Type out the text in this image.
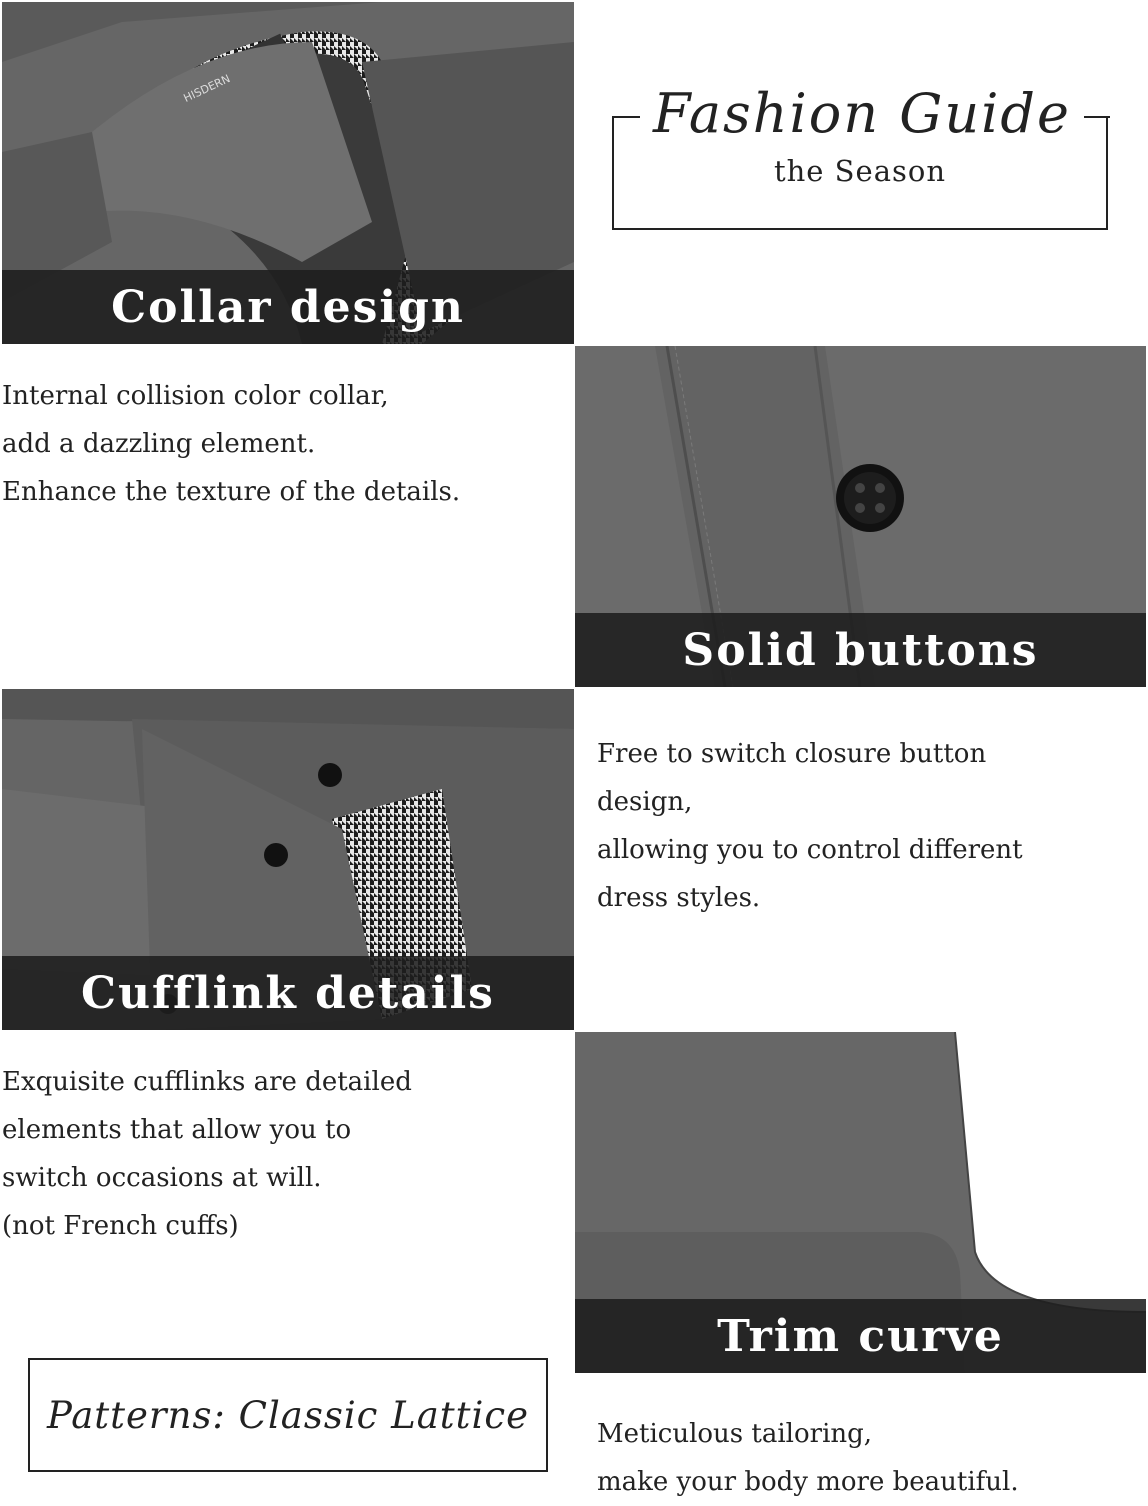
HISDERN
Collar design
Fashion Guide
the Season
Internal collision color collar,
add a dazzling element.
Enhance the texture of the details.
Solid buttons
Free to switch closure button
design,
allowing you to control different
dress styles.
Cufflink details
Exquisite cufflinks are detailed
elements that allow you to
switch occasions at will.
(not French cuffs)
Trim curve
Patterns: Classic Lattice	Meticulous tailoring,
make your body more beautiful.
